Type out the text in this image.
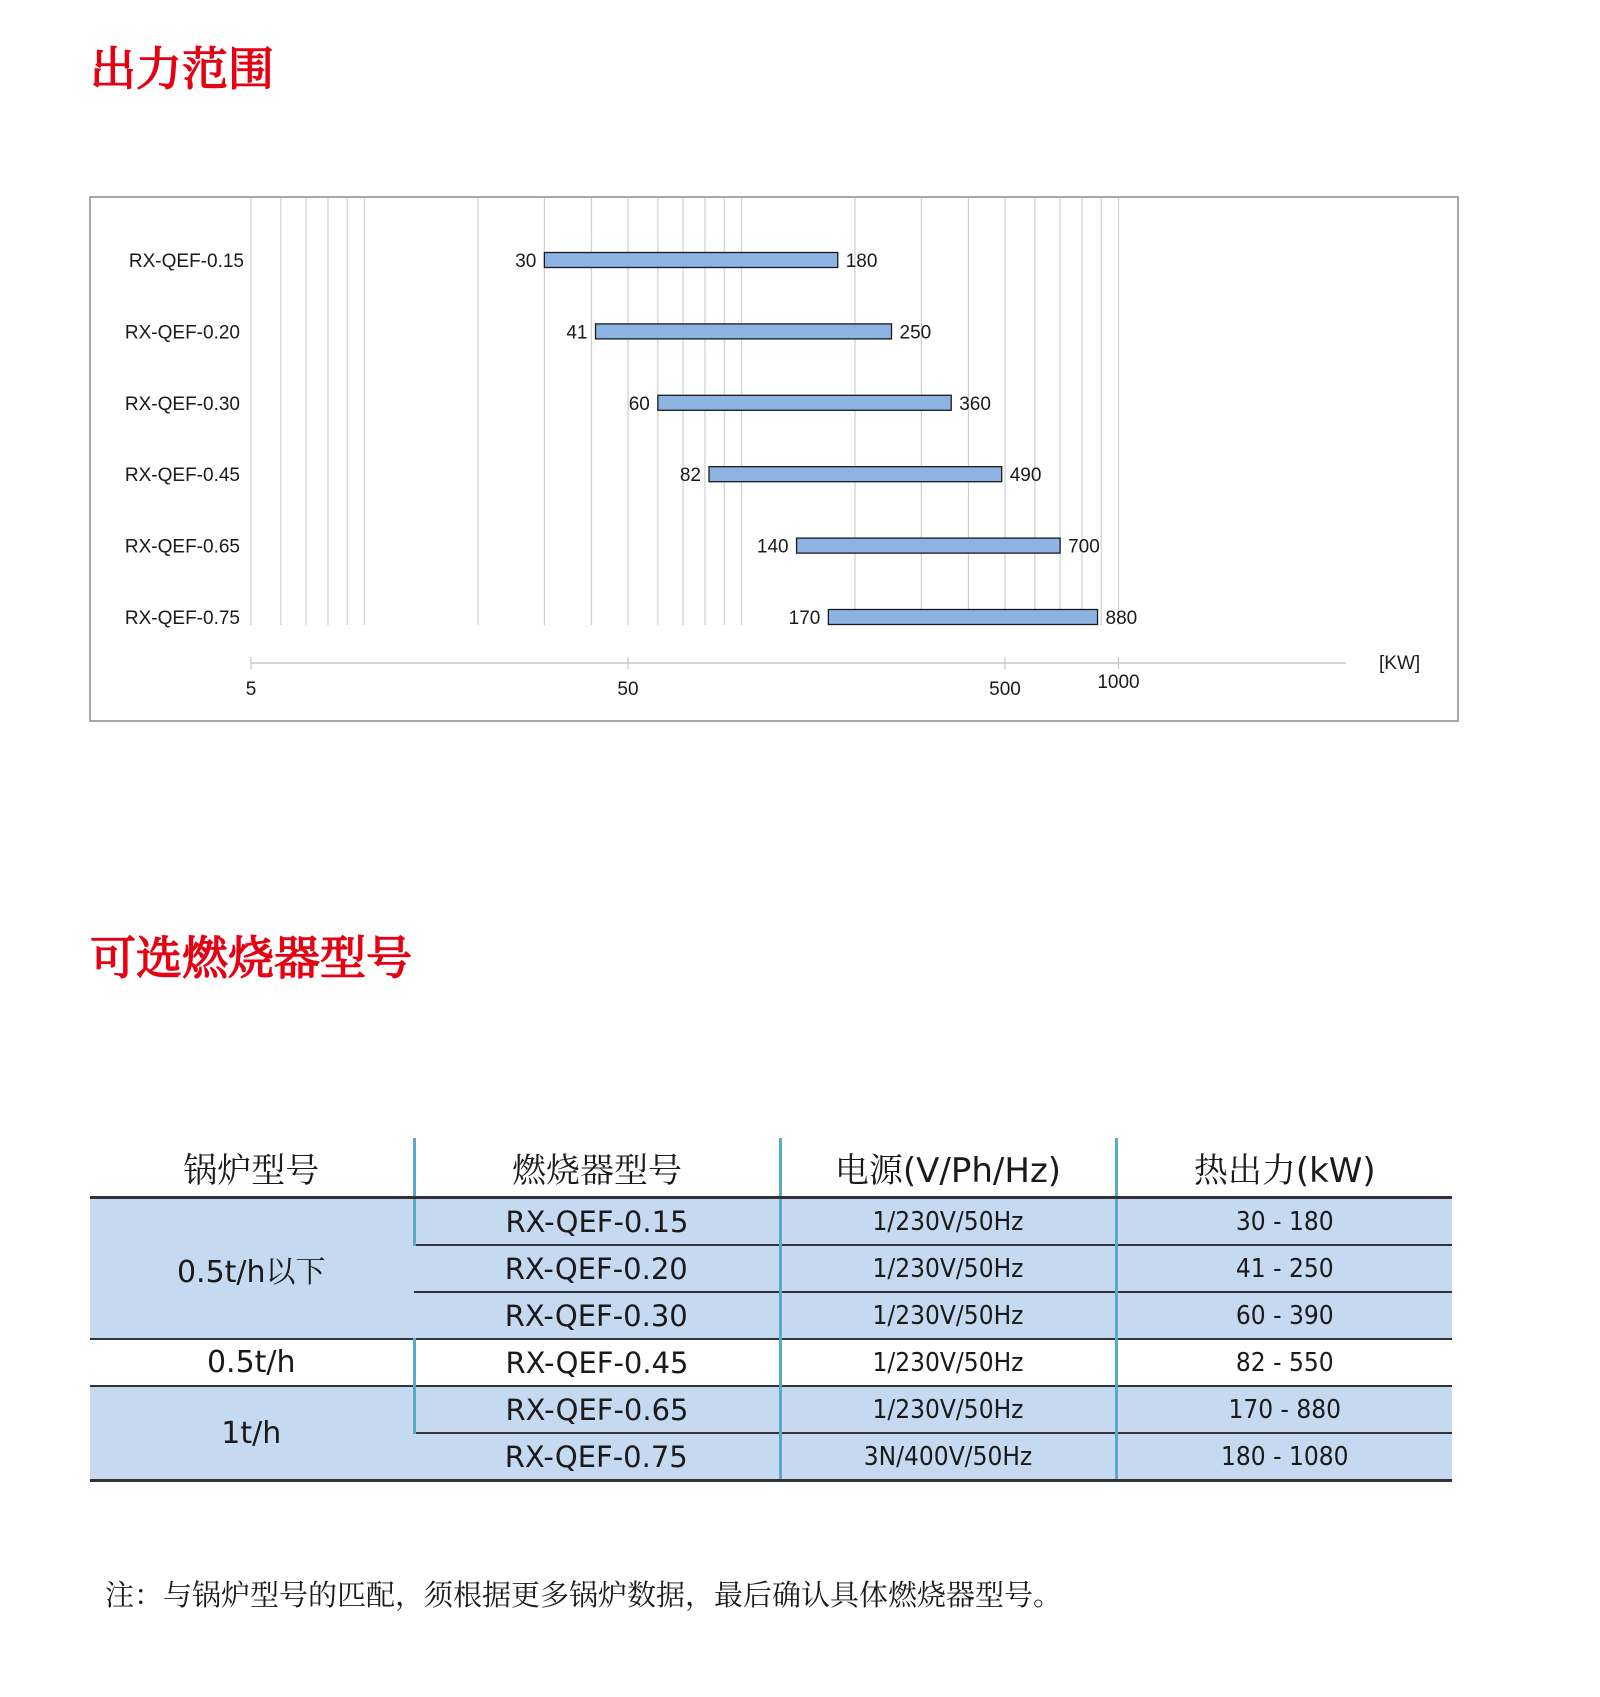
出力范围
5	50	500	1000
[KW]
RX-QEF-0.15	30	180
RX-QEF-0.20	41	250
RX-QEF-0.30	60	360
RX-QEF-0.45	82	490
RX-QEF-0.65	140	700
RX-QEF-0.75	170	880
可选燃烧器型号
锅炉型号	燃烧器型号	电源(V/Ph/Hz)	热出力(kW)
0.5t/h以下	RX-QEF-0.15	1/230V/50Hz	30 - 180
	RX-QEF-0.20	1/230V/50Hz	41 - 250
	RX-QEF-0.30	1/230V/50Hz	60 - 390
0.5t/h	RX-QEF-0.45	1/230V/50Hz	82 - 550
1t/h	RX-QEF-0.65	1/230V/50Hz	170 - 880
	RX-QEF-0.75	3N/400V/50Hz	180 - 1080

注：与锅炉型号的匹配，须根据更多锅炉数据，最后确认具体燃烧器型号。
